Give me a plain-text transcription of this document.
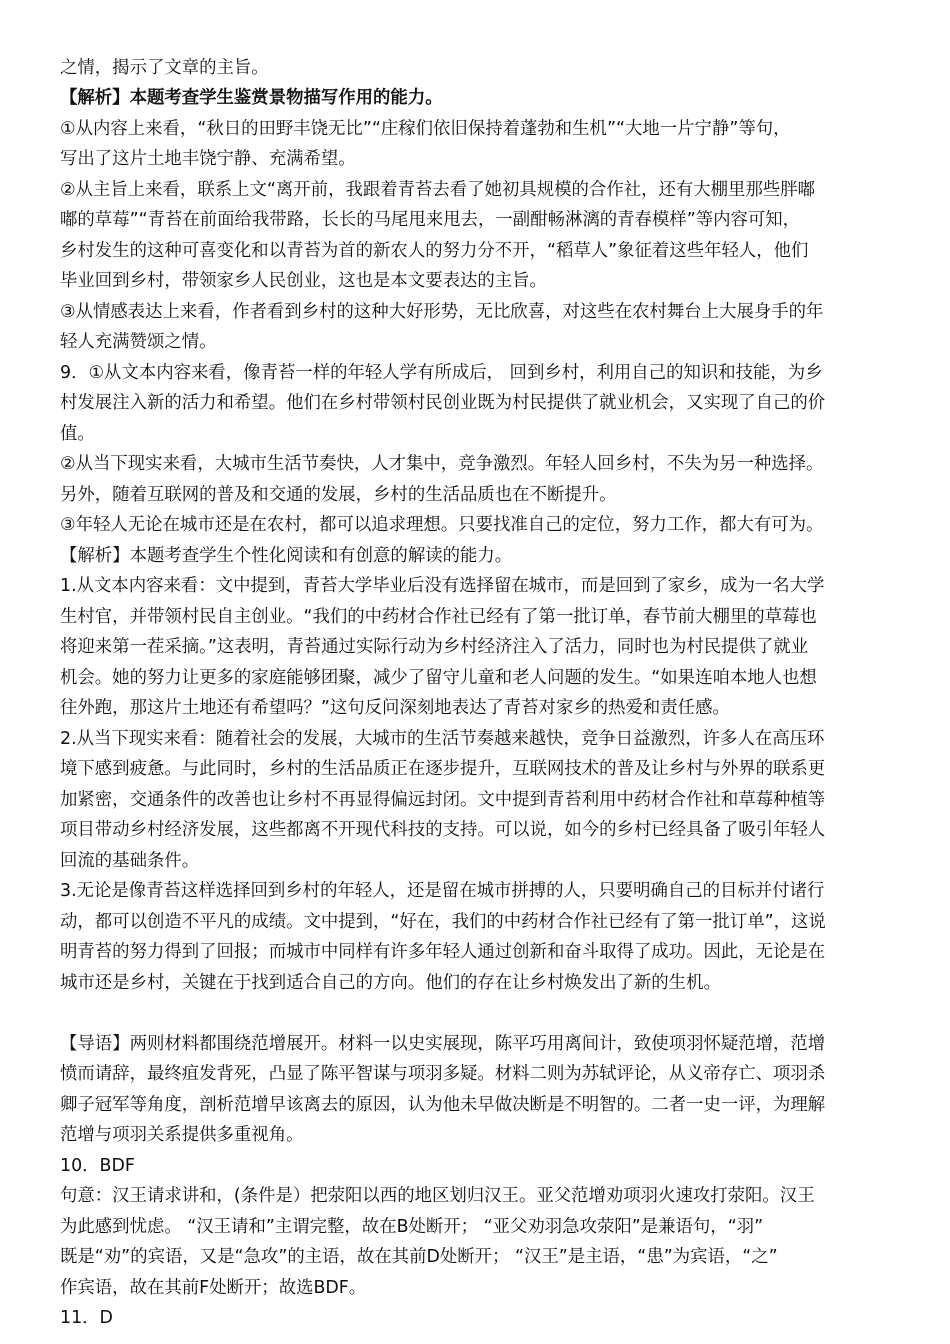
之情，揭示了文章的主旨。
【解析】本题考查学生鉴赏景物描写作用的能力。
①从内容上来看，“秋日的田野丰饶无比”“庄稼们依旧保持着蓬勃和生机”“大地一片宁静”等句，
写出了这片土地丰饶宁静、充满希望。
②从主旨上来看，联系上文“离开前，我跟着青苔去看了她初具规模的合作社，还有大棚里那些胖嘟
嘟的草莓”“青苔在前面给我带路，长长的马尾甩来甩去，一副酣畅淋漓的青春模样”等内容可知，
乡村发生的这种可喜变化和以青苔为首的新农人的努力分不开，“稻草人”象征着这些年轻人，他们
毕业回到乡村，带领家乡人民创业，这也是本文要表达的主旨。
③从情感表达上来看，作者看到乡村的这种大好形势，无比欣喜，对这些在农村舞台上大展身手的年
轻人充满赞颂之情。
9．①从文本内容来看，像青苔一样的年轻人学有所成后， 回到乡村，利用自己的知识和技能，为乡
村发展注入新的活力和希望。他们在乡村带领村民创业既为村民提供了就业机会，又实现了自己的价
值。
②从当下现实来看，大城市生活节奏快，人才集中，竞争激烈。年轻人回乡村，不失为另一种选择。
另外，随着互联网的普及和交通的发展，乡村的生活品质也在不断提升。
③年轻人无论在城市还是在农村，都可以追求理想。只要找准自己的定位，努力工作，都大有可为。
【解析】本题考查学生个性化阅读和有创意的解读的能力。
1.从文本内容来看：文中提到，青苔大学毕业后没有选择留在城市，而是回到了家乡，成为一名大学
生村官，并带领村民自主创业。“我们的中药材合作社已经有了第一批订单，春节前大棚里的草莓也
将迎来第一茬采摘。”这表明，青苔通过实际行动为乡村经济注入了活力，同时也为村民提供了就业
机会。她的努力让更多的家庭能够团聚，减少了留守儿童和老人问题的发生。“如果连咱本地人也想
往外跑，那这片土地还有希望吗？”这句反问深刻地表达了青苔对家乡的热爱和责任感。
2.从当下现实来看：随着社会的发展，大城市的生活节奏越来越快，竞争日益激烈，许多人在高压环
境下感到疲惫。与此同时，乡村的生活品质正在逐步提升，互联网技术的普及让乡村与外界的联系更
加紧密，交通条件的改善也让乡村不再显得偏远封闭。文中提到青苔利用中药材合作社和草莓种植等
项目带动乡村经济发展，这些都离不开现代科技的支持。可以说，如今的乡村已经具备了吸引年轻人
回流的基础条件。
3.无论是像青苔这样选择回到乡村的年轻人，还是留在城市拼搏的人，只要明确自己的目标并付诸行
动，都可以创造不平凡的成绩。文中提到，“好在，我们的中药材合作社已经有了第一批订单”，这说
明青苔的努力得到了回报；而城市中同样有许多年轻人通过创新和奋斗取得了成功。因此，无论是在
城市还是乡村，关键在于找到适合自己的方向。他们的存在让乡村焕发出了新的生机。
【导语】两则材料都围绕范增展开。材料一以史实展现，陈平巧用离间计，致使项羽怀疑范增，范增
愤而请辞，最终疽发背死，凸显了陈平智谋与项羽多疑。材料二则为苏轼评论，从义帝存亡、项羽杀
卿子冠军等角度，剖析范增早该离去的原因，认为他未早做决断是不明智的。二者一史一评，为理解
范增与项羽关系提供多重视角。
10．BDF
句意：汉王请求讲和，(条件是）把荥阳以西的地区划归汉王。亚父范增劝项羽火速攻打荥阳。汉王
为此感到忧虑。 “汉王请和”主谓完整，故在B处断开； “亚父劝羽急攻荥阳”是兼语句，“羽”
既是“劝”的宾语，又是“急攻”的主语，故在其前D处断开； “汉王”是主语，“患”为宾语，“之”
作宾语，故在其前F处断开；故选BDF。
11．D
